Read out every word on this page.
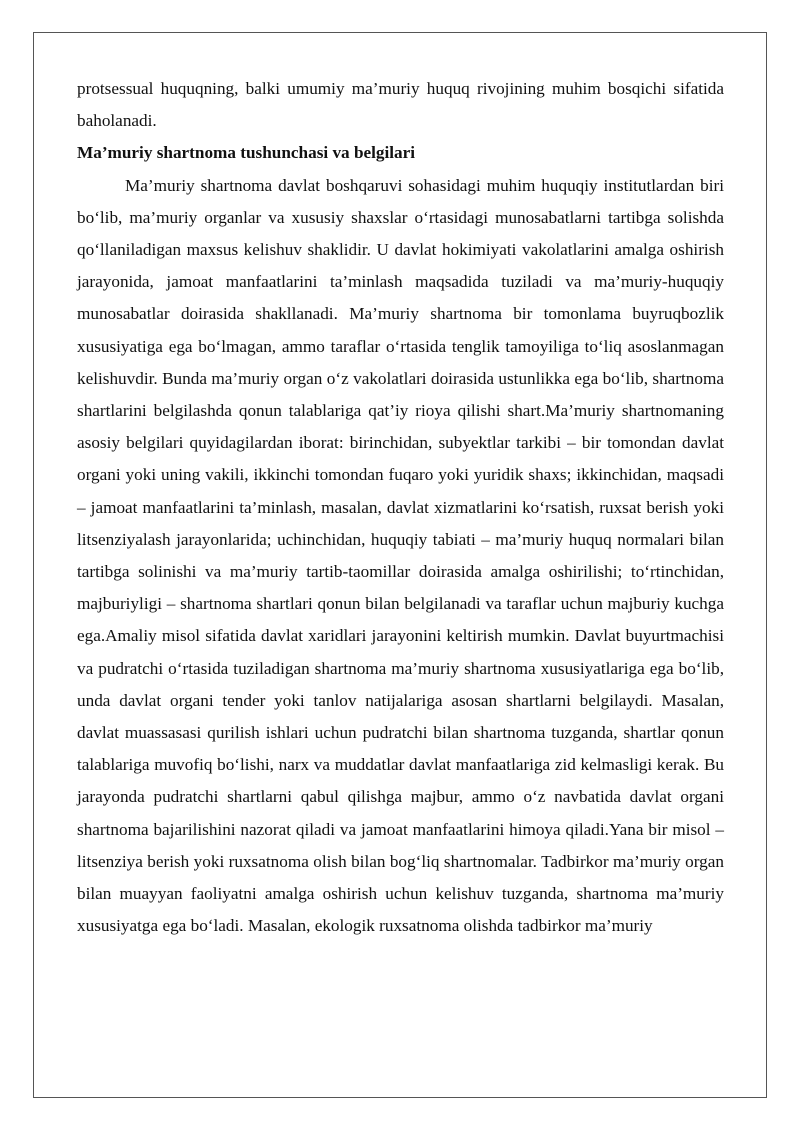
protsessual huquqning, balki umumiy ma’muriy huquq rivojining muhim bosqichi sifatida baholanadi.

Ma’muriy shartnoma tushunchasi va belgilari

Ma’muriy shartnoma davlat boshqaruvi sohasidagi muhim huquqiy institutlardan biri bo‘lib, ma’muriy organlar va xususiy shaxslar o‘rtasidagi munosabatlarni tartibga solishda qo‘llaniladigan maxsus kelishuv shaklidir. U davlat hokimiyati vakolatlarini amalga oshirish jarayonida, jamoat manfaatlarini ta’minlash maqsadida tuziladi va ma’muriy-huquqiy munosabatlar doirasida shakllanadi. Ma’muriy shartnoma bir tomonlama buyruqbozlik xususiyatiga ega bo‘lmagan, ammo taraflar o‘rtasida tenglik tamoyiliga to‘liq asoslanmagan kelishuvdir. Bunda ma’muriy organ o‘z vakolatlari doirasida ustunlikka ega bo‘lib, shartnoma shartlarini belgilashda qonun talablariga qat’iy rioya qilishi shart.Ma’muriy shartnomaning asosiy belgilari quyidagilardan iborat: birinchidan, subyektlar tarkibi – bir tomondan davlat organi yoki uning vakili, ikkinchi tomondan fuqaro yoki yuridik shaxs; ikkinchidan, maqsadi – jamoat manfaatlarini ta’minlash, masalan, davlat xizmatlarini ko‘rsatish, ruxsat berish yoki litsenziyalash jarayonlarida; uchinchidan, huquqiy tabiati – ma’muriy huquq normalari bilan tartibga solinishi va ma’muriy tartib-taomillar doirasida amalga oshirilishi; to‘rtinchidan, majburiyligi – shartnoma shartlari qonun bilan belgilanadi va taraflar uchun majburiy kuchga ega.Amaliy misol sifatida davlat xaridlari jarayonini keltirish mumkin. Davlat buyurtmachisi va pudratchi o‘rtasida tuziladigan shartnoma ma’muriy shartnoma xususiyatlariga ega bo‘lib, unda davlat organi tender yoki tanlov natijalariga asosan shartlarni belgilaydi. Masalan, davlat muassasasi qurilish ishlari uchun pudratchi bilan shartnoma tuzganda, shartlar qonun talablariga muvofiq bo‘lishi, narx va muddatlar davlat manfaatlariga zid kelmasligi kerak. Bu jarayonda pudratchi shartlarni qabul qilishga majbur, ammo o‘z navbatida davlat organi shartnoma bajarilishini nazorat qiladi va jamoat manfaatlarini himoya qiladi.Yana bir misol – litsenziya berish yoki ruxsatnoma olish bilan bog‘liq shartnomalar. Tadbirkor ma’muriy organ bilan muayyan faoliyatni amalga oshirish uchun kelishuv tuzganda, shartnoma ma’muriy xususiyatga ega bo‘ladi. Masalan, ekologik ruxsatnoma olishda tadbirkor ma’muriy
